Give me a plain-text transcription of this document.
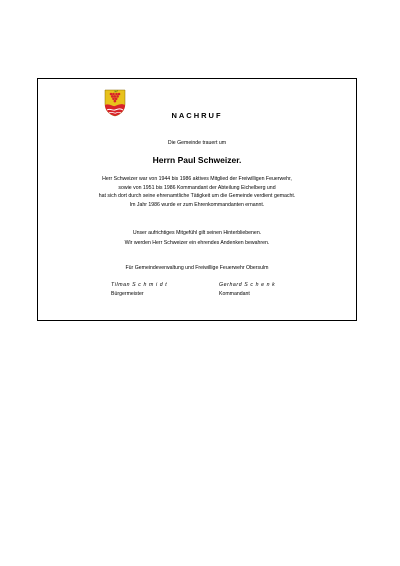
NACHRUF
Die Gemeinde trauert um
Herrn Paul Schweizer.
Herr Schweizer war von 1944 bis 1986 aktives Mitglied der Freiwilligen Feuerwehr,
sowie von 1951 bis 1986 Kommandant der Abteilung Eichelberg und
hat sich dort durch seine ehrenamtliche Tätigkeit um die Gemeinde verdient gemacht.
Im Jahr 1986 wurde er zum Ehrenkommandanten ernannt.
Unser aufrichtiges Mitgefühl gilt seinen Hinterbliebenen.
Wir werden Herr Schweizer ein ehrendes Andenken bewahren.
Für Gemeindeverwaltung und Freiwillige Feuerwehr Obersulm
Tilman S c h m i d t
Bürgermeister
Gerhard S c h e n k
Kommandant
